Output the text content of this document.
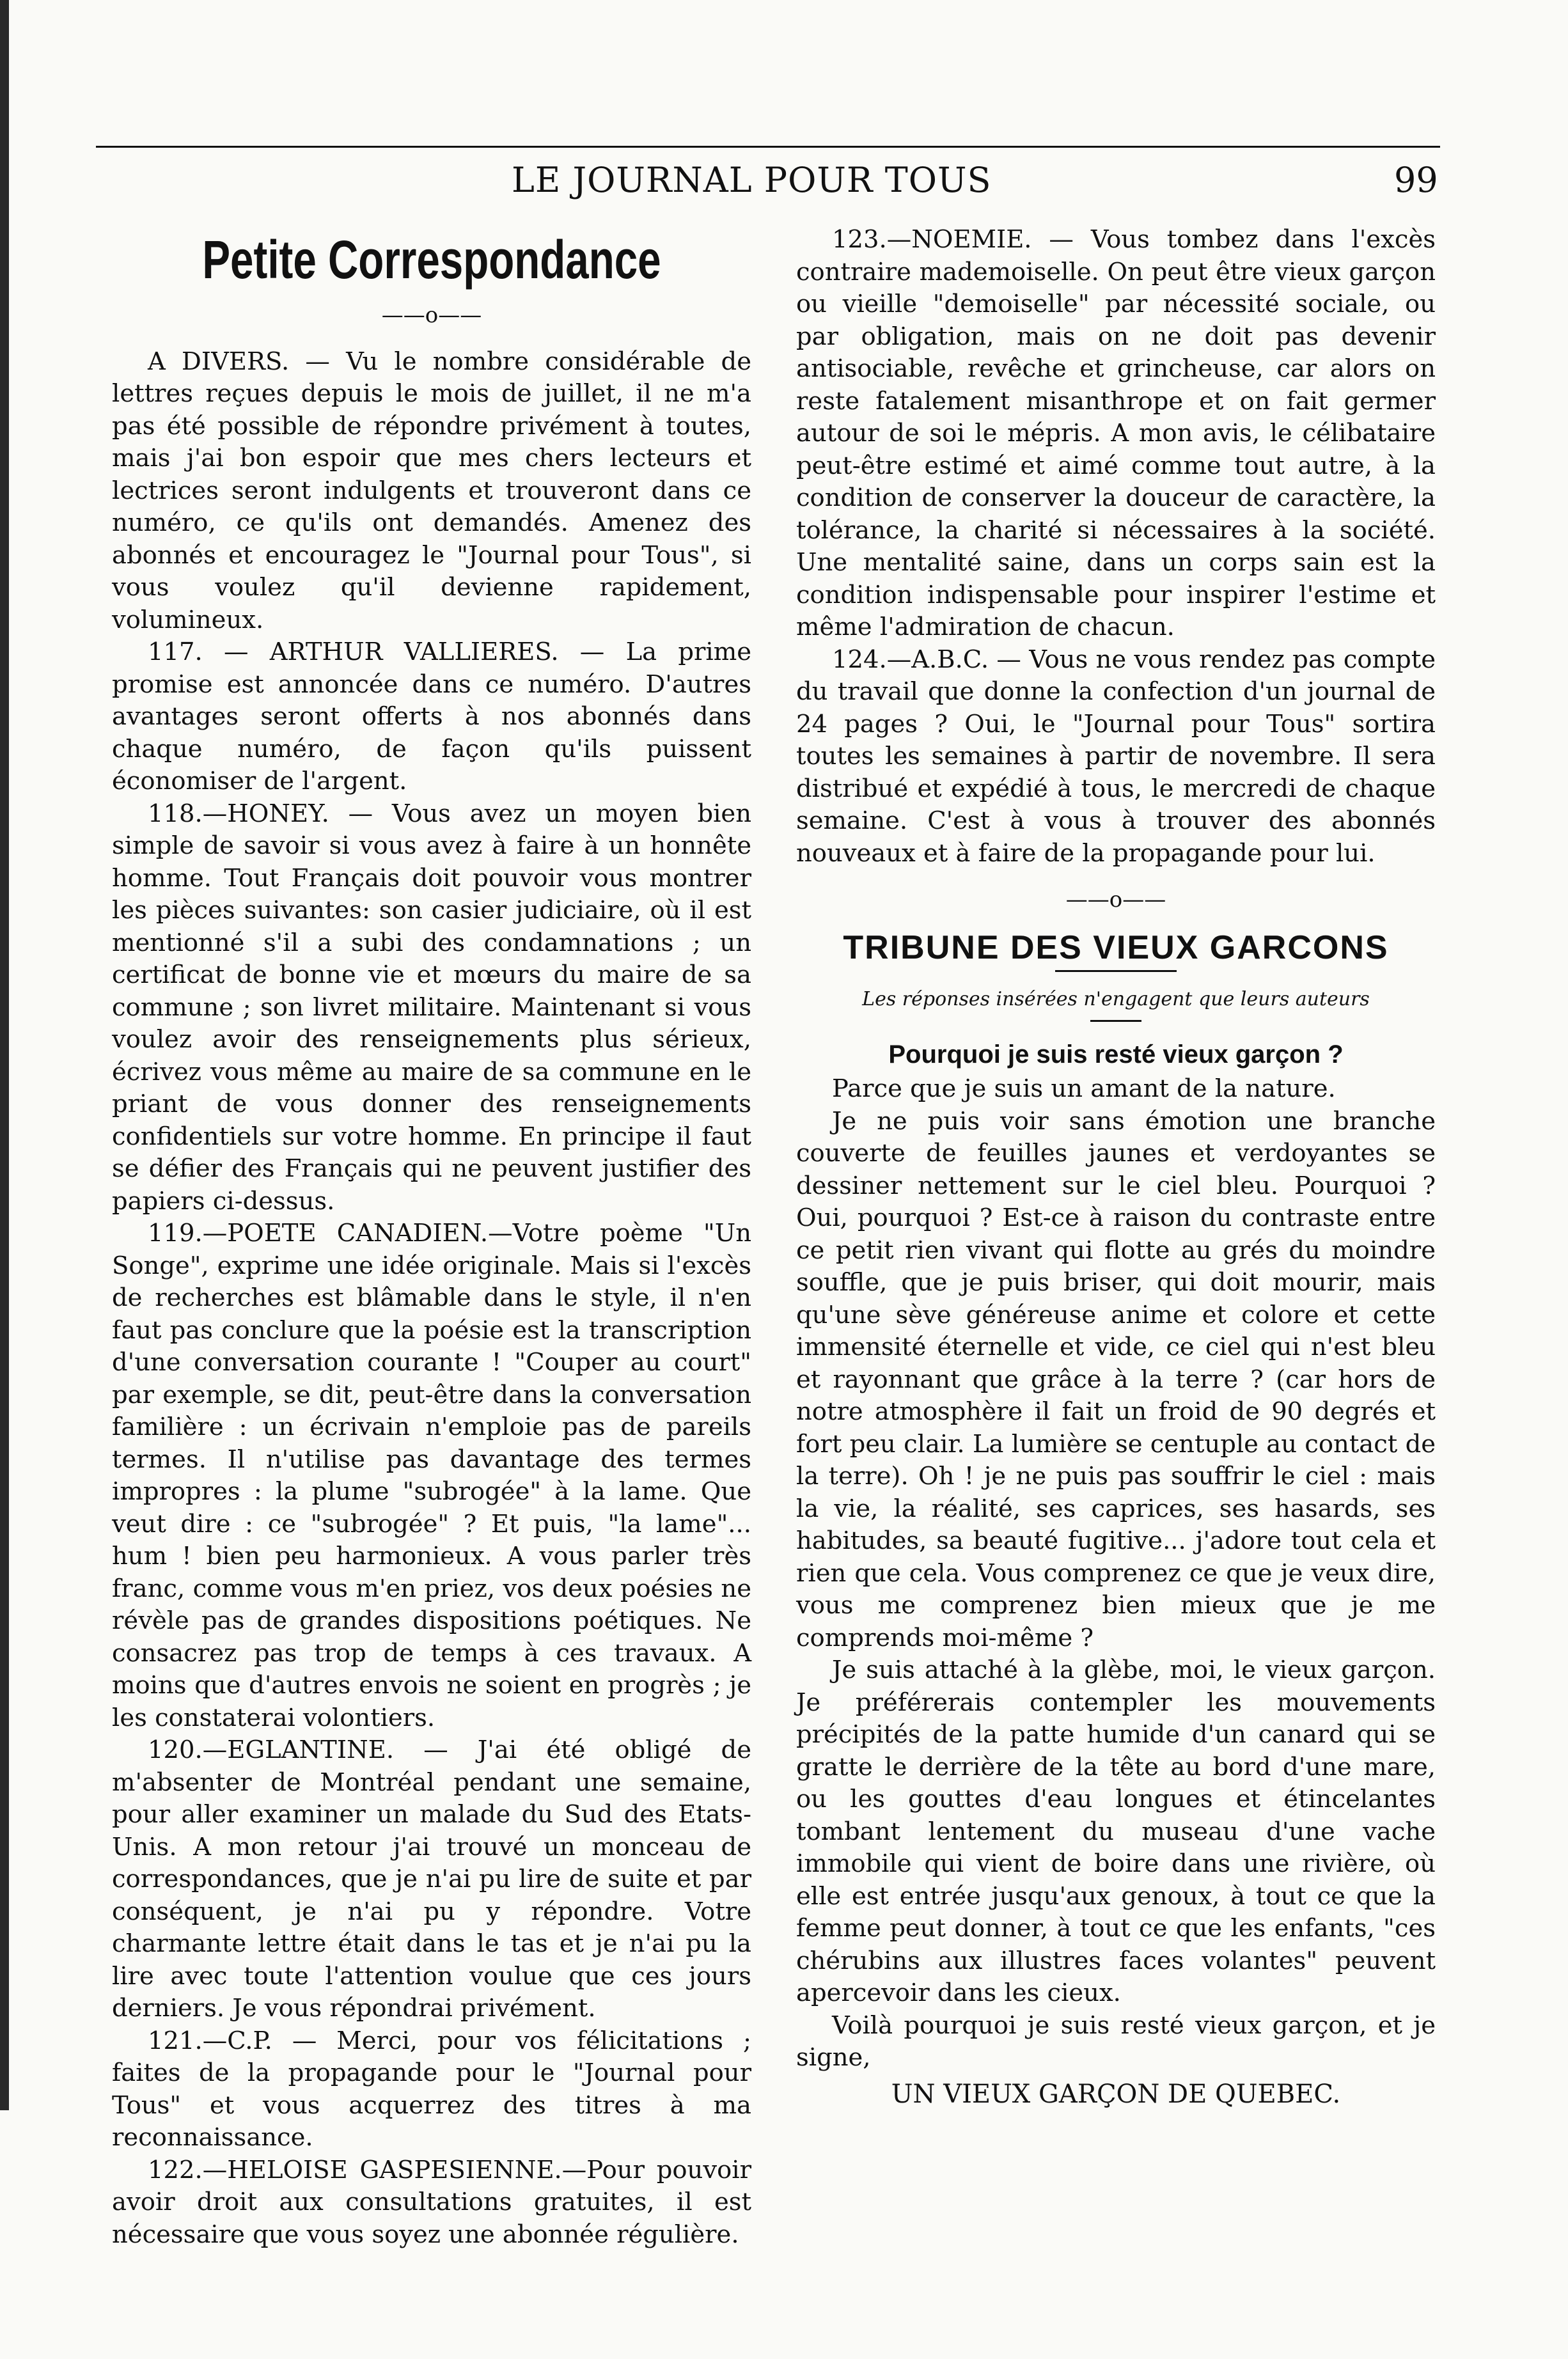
LE JOURNAL POUR TOUS	99
Petite Correspondance
——o——

A DIVERS. — Vu le nombre considérable de lettres reçues depuis le mois de juillet, il ne m'a pas été possible de répondre privément à toutes, mais j'ai bon espoir que mes chers lecteurs et lectrices seront indulgents et trouveront dans ce numéro, ce qu'ils ont demandés. Amenez des abonnés et encouragez le "Journal pour Tous", si vous voulez qu'il devienne rapidement, volumineux.

117. — ARTHUR VALLIERES. — La prime promise est annoncée dans ce numéro. D'autres avantages seront offerts à nos abonnés dans chaque numéro, de façon qu'ils puissent économiser de l'argent.

118.—HONEY. — Vous avez un moyen bien simple de savoir si vous avez à faire à un honnête homme. Tout Français doit pouvoir vous montrer les pièces suivantes: son casier judiciaire, où il est mentionné s'il a subi des condamnations ; un certificat de bonne vie et mœurs du maire de sa commune ; son livret militaire. Maintenant si vous voulez avoir des renseignements plus sérieux, écrivez vous même au maire de sa commune en le priant de vous donner des renseignements confidentiels sur votre homme. En principe il faut se défier des Français qui ne peuvent justifier des papiers ci-dessus.

119.—POETE CANADIEN.—Votre poème "Un Songe", exprime une idée originale. Mais si l'excès de recherches est blâmable dans le style, il n'en faut pas conclure que la poésie est la transcription d'une conversation courante ! "Couper au court" par exemple, se dit, peut-être dans la conversation familière : un écrivain n'emploie pas de pareils termes. Il n'utilise pas davantage des termes impropres : la plume "subrogée" à la lame. Que veut dire : ce "subrogée" ? Et puis, "la lame"... hum ! bien peu harmonieux. A vous parler très franc, comme vous m'en priez, vos deux poésies ne révèle pas de grandes dispositions poétiques. Ne consacrez pas trop de temps à ces travaux. A moins que d'autres envois ne soient en progrès ; je les constaterai volontiers.

120.—EGLANTINE. — J'ai été obligé de m'absenter de Montréal pendant une semaine, pour aller examiner un malade du Sud des Etats-Unis. A mon retour j'ai trouvé un monceau de correspondances, que je n'ai pu lire de suite et par conséquent, je n'ai pu y répondre. Votre charmante lettre était dans le tas et je n'ai pu la lire avec toute l'attention voulue que ces jours derniers. Je vous répondrai privément.

121.—C.P. — Merci, pour vos félicitations ; faites de la propagande pour le "Journal pour Tous" et vous acquerrez des titres à ma reconnaissance.

122.—HELOISE GASPESIENNE.—Pour pouvoir avoir droit aux consultations gratuites, il est nécessaire que vous soyez une abonnée régulière.

123.—NOEMIE. — Vous tombez dans l'excès contraire mademoiselle. On peut être vieux garçon ou vieille "demoiselle" par nécessité sociale, ou par obligation, mais on ne doit pas devenir antisociable, revêche et grincheuse, car alors on reste fatalement misanthrope et on fait germer autour de soi le mépris. A mon avis, le célibataire peut-être estimé et aimé comme tout autre, à la condition de conserver la douceur de caractère, la tolérance, la charité si nécessaires à la société. Une mentalité saine, dans un corps sain est la condition indispensable pour inspirer l'estime et même l'admiration de chacun.

124.—A.B.C. — Vous ne vous rendez pas compte du travail que donne la confection d'un journal de 24 pages ? Oui, le "Journal pour Tous" sortira toutes les semaines à partir de novembre. Il sera distribué et expédié à tous, le mercredi de chaque semaine. C'est à vous à trouver des abonnés nouveaux et à faire de la propagande pour lui.

——o——
TRIBUNE DES VIEUX GARCONS
Les réponses insérées n'engagent que leurs auteurs
Pourquoi je suis resté vieux garçon ?

Parce que je suis un amant de la nature.

Je ne puis voir sans émotion une branche couverte de feuilles jaunes et verdoyantes se dessiner nettement sur le ciel bleu. Pourquoi ? Oui, pourquoi ? Est-ce à raison du contraste entre ce petit rien vivant qui flotte au grés du moindre souffle, que je puis briser, qui doit mourir, mais qu'une sève généreuse anime et colore et cette immensité éternelle et vide, ce ciel qui n'est bleu et rayonnant que grâce à la terre ? (car hors de notre atmosphère il fait un froid de 90 degrés et fort peu clair. La lumière se centuple au contact de la terre). Oh ! je ne puis pas souffrir le ciel : mais la vie, la réalité, ses caprices, ses hasards, ses habitudes, sa beauté fugitive... j'adore tout cela et rien que cela. Vous comprenez ce que je veux dire, vous me comprenez bien mieux que je me comprends moi-même ?

Je suis attaché à la glèbe, moi, le vieux garçon. Je préférerais contempler les mouvements précipités de la patte humide d'un canard qui se gratte le derrière de la tête au bord d'une mare, ou les gouttes d'eau longues et étincelantes tombant lentement du museau d'une vache immobile qui vient de boire dans une rivière, où elle est entrée jusqu'aux genoux, à tout ce que la femme peut donner, à tout ce que les enfants, "ces chérubins aux illustres faces volantes" peuvent apercevoir dans les cieux.

Voilà pourquoi je suis resté vieux garçon, et je signe,

UN VIEUX GARÇON DE QUEBEC.
